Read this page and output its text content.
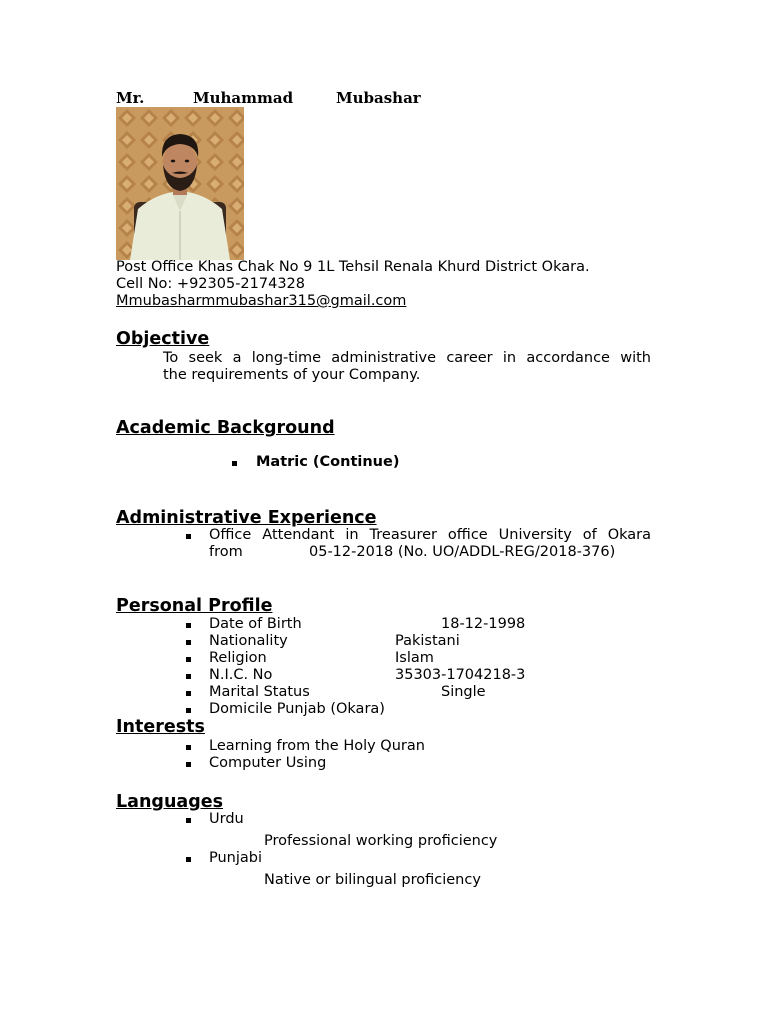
Mr.	Muhammad	Mubashar
Post Office Khas Chak No 9 1L Tehsil Renala Khurd District Okara.
Cell No: +92305-2174328
Mmubasharmmubashar315@gmail.com
Objective
To seek a long-time administrative career in accordance with
the requirements of your Company.
Academic Background
Matric (Continue)
Administrative Experience
Office Attendant in Treasurer office University of Okara
from	05-12-2018 (No. UO/ADDL-REG/2018-376)
Personal Profile
Date of Birth	18-12-1998
Nationality	Pakistani
Religion	Islam
N.I.C. No	35303-1704218-3
Marital Status	Single
Domicile Punjab (Okara)
Interests
Learning from the Holy Quran
Computer Using
Languages
Urdu
Professional working proficiency
Punjabi
Native or bilingual proficiency
